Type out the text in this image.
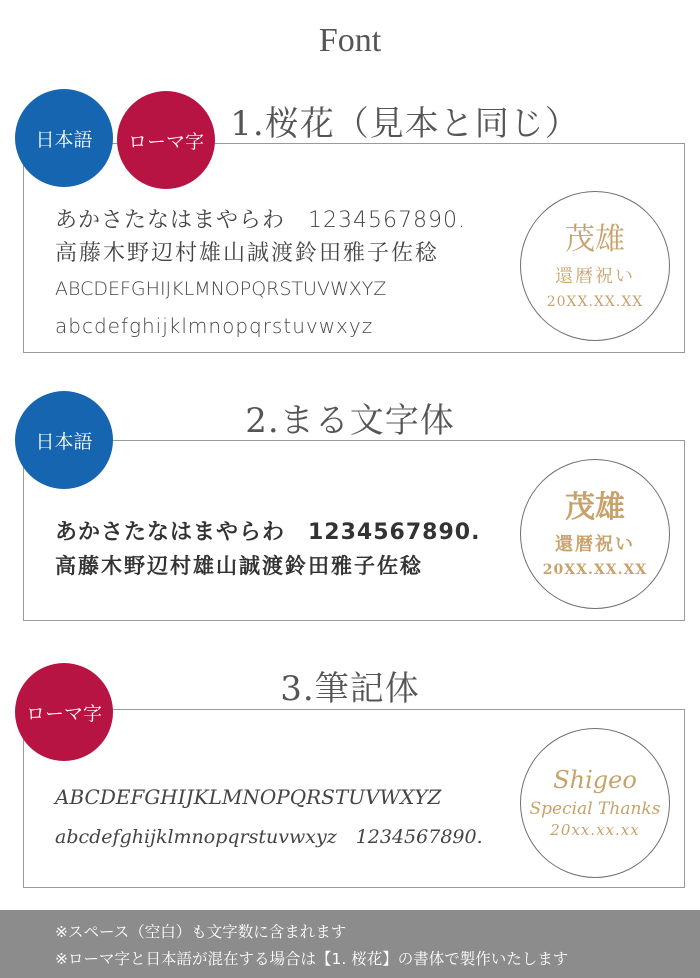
Font
1.桜花（見本と同じ）
日本語	ローマ字
あかさたなはまやらわ　1234567890.
高藤木野辺村雄山誠渡鈴田雅子佐稔
ABCDEFGHIJKLMNOPQRSTUVWXYZ
abcdefghijklmnopqrstuvwxyz
茂雄
還暦祝い
20XX.XX.XX
2.まる文字体
日本語
あかさたなはまやらわ　1234567890.
高藤木野辺村雄山誠渡鈴田雅子佐稔
茂雄
還暦祝い
20XX.XX.XX
3.筆記体
ローマ字
ABCDEFGHIJKLMNOPQRSTUVWXYZ
abcdefghijklmnopqrstuvwxyz　1234567890.
Shigeo
Special Thanks
20xx.xx.xx
※スペース（空白）も文字数に含まれます
※ローマ字と日本語が混在する場合は【1. 桜花】の書体で製作いたします
